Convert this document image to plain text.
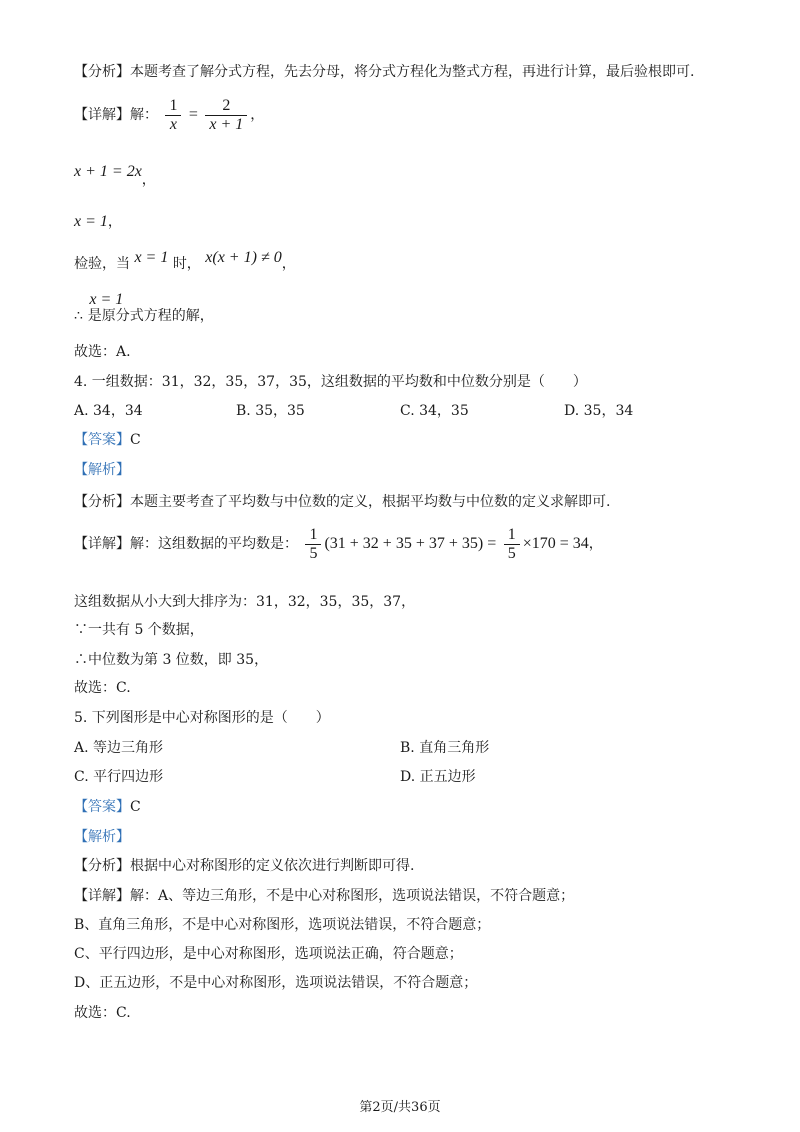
【分析】本题考查了解分式方程，先去分母，将分式方程化为整式方程，再进行计算，最后验根即可.
【详解】解： $\frac{1}{x} = \frac{2}{x + 1}$ ，
x + 1 = 2x，
x = 1，
检验，当 x = 1 时， x(x + 1) ≠ 0，
∴ x = 1 是原分式方程的解，
故选：A.
4. 一组数据：31，32，35，37，35，这组数据的平均数和中位数分别是（　　）
A. 34，34	B. 35，35	C. 34，35	D. 35，34
【答案】C
【解析】
【分析】本题主要考查了平均数与中位数的定义，根据平均数与中位数的定义求解即可.
【详解】解：这组数据的平均数是： $\frac{1}{5} (31 + 32 + 35 + 37 + 35) = \frac{1}{5} \times 170 = 34$，
这组数据从小大到大排序为：31，32，35，35，37，
∵一共有 5 个数据，
∴中位数为第 3 位数，即 35，
故选：C.
5. 下列图形是中心对称图形的是（　　）
A. 等边三角形	B. 直角三角形
C. 平行四边形	D. 正五边形
【答案】C
【解析】
【分析】根据中心对称图形的定义依次进行判断即可得.
【详解】解：A、等边三角形，不是中心对称图形，选项说法错误，不符合题意；
B、直角三角形，不是中心对称图形，选项说法错误，不符合题意；
C、平行四边形，是中心对称图形，选项说法正确，符合题意；
D、正五边形，不是中心对称图形，选项说法错误，不符合题意；
故选：C.
第2页/共36页
